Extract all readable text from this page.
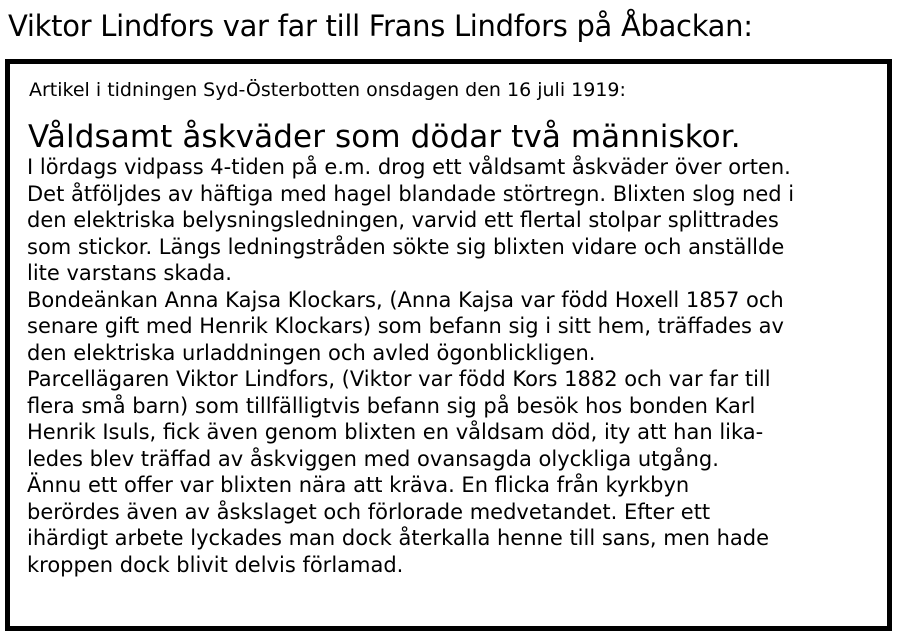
Viktor Lindfors var far till Frans Lindfors på Åbackan:

Artikel i tidningen Syd-Österbotten onsdagen den 16 juli 1919:

Våldsamt åskväder som dödar två människor.
I lördags vidpass 4-tiden på e.m. drog ett våldsamt åskväder över orten.
Det åtföljdes av häftiga med hagel blandade störtregn. Blixten slog ned i
den elektriska belysningsledningen, varvid ett flertal stolpar splittrades
som stickor. Längs ledningstråden sökte sig blixten vidare och anställde
lite varstans skada.
Bondeänkan Anna Kajsa Klockars, (Anna Kajsa var född Hoxell 1857 och
senare gift med Henrik Klockars) som befann sig i sitt hem, träffades av
den elektriska urladdningen och avled ögonblickligen.
Parcellägaren Viktor Lindfors, (Viktor var född Kors 1882 och var far till
flera små barn) som tillfälligtvis befann sig på besök hos bonden Karl
Henrik Isuls, fick även genom blixten en våldsam död, ity att han lika-
ledes blev träffad av åskviggen med ovansagda olyckliga utgång.
Ännu ett offer var blixten nära att kräva. En flicka från kyrkbyn
berördes även av åskslaget och förlorade medvetandet. Efter ett
ihärdigt arbete lyckades man dock återkalla henne till sans, men hade
kroppen dock blivit delvis förlamad.
